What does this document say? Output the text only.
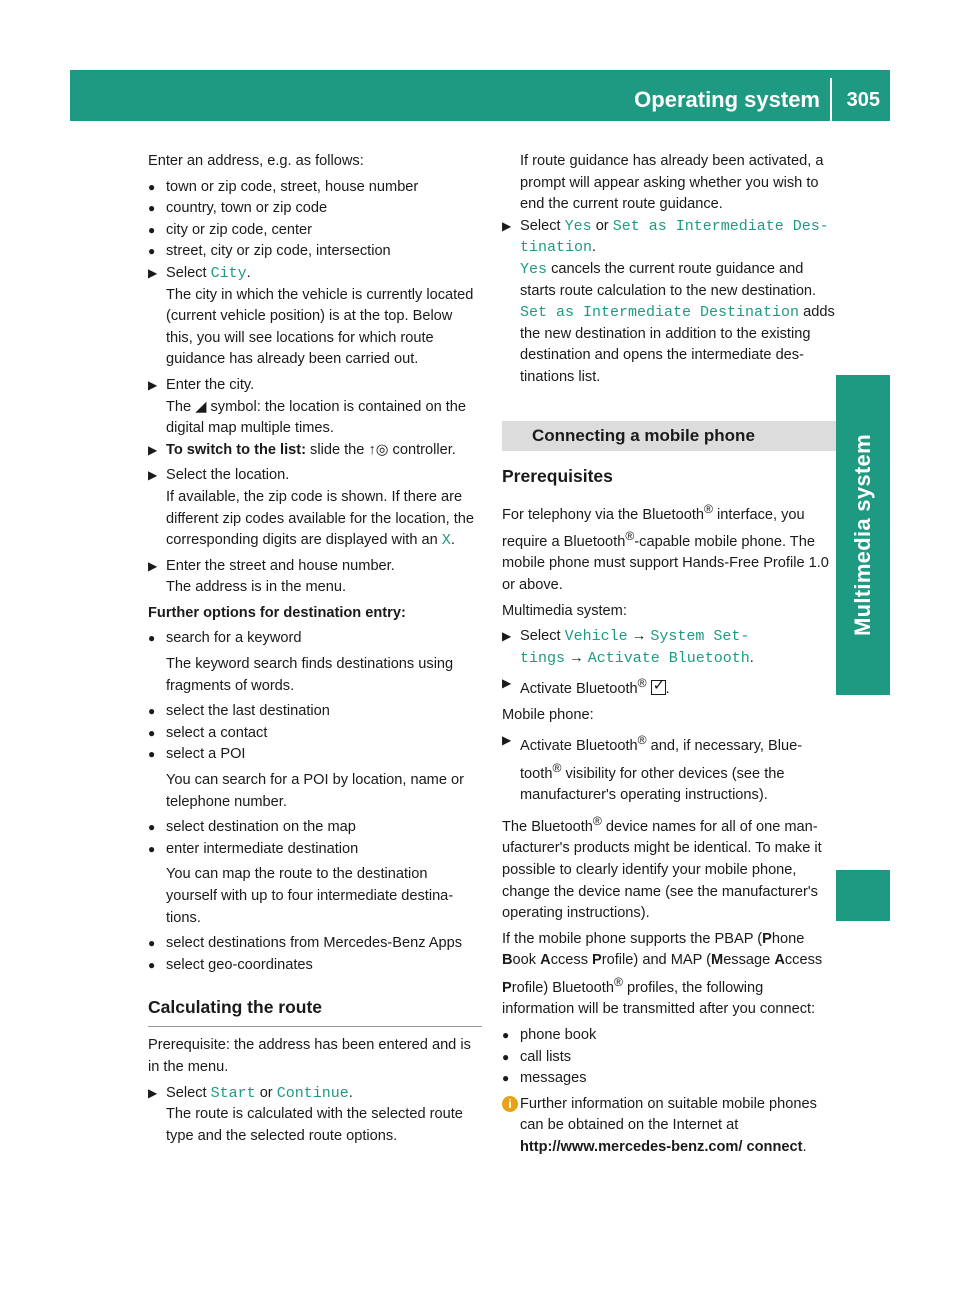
Operating system 305
Multimedia system

Enter an address, e.g. as follows:

● town or zip code, street, house number
● country, town or zip code
● city or zip code, center
● street, city or zip code, intersection
▶ Select City.
The city in which the vehicle is currently located (current vehicle position) is at the top. Below this, you will see locations for which route guidance has already been carried out.
▶ Enter the city.
The ◢ symbol: the location is contained on the digital map multiple times.
▶ To switch to the list: slide the ↑◎ controller.
▶ Select the location.
If available, the zip code is shown. If there are different zip codes available for the location, the corresponding digits are displayed with an X.
▶ Enter the street and house number.
The address is in the menu.

Further options for destination entry:

● search for a keyword

The keyword search finds destinations using fragments of words.

● select the last destination
● select a contact
● select a POI

You can search for a POI by location, name or telephone number.

● select destination on the map
● enter intermediate destination

You can map the route to the destination yourself with up to four intermediate destinations.

● select destinations from Mercedes-Benz Apps
● select geo-coordinates
Calculating the route

Prerequisite: the address has been entered and is in the menu.

▶ Select Start or Continue.
The route is calculated with the selected route type and the selected route options.

If route guidance has already been activated, a prompt will appear asking whether you wish to end the current route guidance.

▶ Select Yes or Set as Intermediate Des‐
tination.
Yes cancels the current route guidance and starts route calculation to the new destination.
Set as Intermediate Destination adds the new destination in addition to the existing destination and opens the intermediate destinations list.
Connecting a mobile phone
Prerequisites

For telephony via the Bluetooth® interface, you require a Bluetooth®-capable mobile phone. The mobile phone must support Hands-Free Profile 1.0 or above.

Multimedia system:

▶ Select Vehicle → System Set‐
tings → Activate Bluetooth.
▶ Activate Bluetooth® ✓ .

Mobile phone:

▶ Activate Bluetooth® and, if necessary, Bluetooth® visibility for other devices (see the manufacturer's operating instructions).

The Bluetooth® device names for all of one manufacturer's products might be identical. To make it possible to clearly identify your mobile phone, change the device name (see the manufacturer's operating instructions).

If the mobile phone supports the PBAP (Phone Book Access Profile) and MAP (Message Access Profile) Bluetooth® profiles, the following information will be transmitted after you connect:

● phone book
● call lists
● messages
i Further information on suitable mobile phones can be obtained on the Internet at http://www.mercedes-benz.com/ connect.
